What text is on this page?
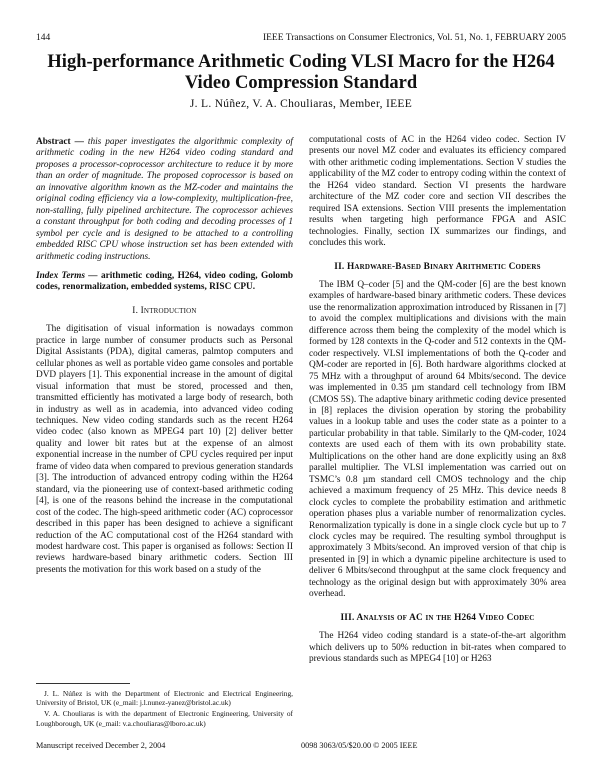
144	IEEE Transactions on Consumer Electronics, Vol. 51, No. 1, FEBRUARY 2005
High-performance Arithmetic Coding VLSI Macro for the H264 Video Compression Standard
J. L. Núñez, V. A. Chouliaras, Member, IEEE
Abstract — this paper investigates the algorithmic complexity of arithmetic coding in the new H264 video coding standard and proposes a processor-coprocessor architecture to reduce it by more than an order of magnitude. The proposed coprocessor is based on an innovative algorithm known as the MZ-coder and maintains the original coding efficiency via a low-complexity, multiplication-free, non-stalling, fully pipelined architecture. The coprocessor achieves a constant throughput for both coding and decoding processes of 1 symbol per cycle and is designed to be attached to a controlling embedded RISC CPU whose instruction set has been extended with arithmetic coding instructions.
Index Terms — arithmetic coding, H264, video coding, Golomb codes, renormalization, embedded systems, RISC CPU.
I. Introduction

The digitisation of visual information is nowadays common practice in large number of consumer products such as Personal Digital Assistants (PDA), digital cameras, palmtop computers and cellular phones as well as portable video game consoles and portable DVD players [1]. This exponential increase in the amount of digital visual information that must be stored, processed and then, transmitted efficiently has motivated a large body of research, both in industry as well as in academia, into advanced video coding techniques. New video coding standards such as the recent H264 video codec (also known as MPEG4 part 10) [2] deliver better quality and lower bit rates but at the expense of an almost exponential increase in the number of CPU cycles required per input frame of video data when compared to previous generation standards [3]. The introduction of advanced entropy coding within the H264 standard, via the pioneering use of context-based arithmetic coding [4], is one of the reasons behind the increase in the computational cost of the codec. The high-speed arithmetic coder (AC) coprocessor described in this paper has been designed to achieve a significant reduction of the AC computational cost of the H264 standard with modest hardware cost. This paper is organised as follows: Section II reviews hardware-based binary arithmetic coders. Section III presents the motivation for this work based on a study of the

computational costs of AC in the H264 video codec. Section IV presents our novel MZ coder and evaluates its efficiency compared with other arithmetic coding implementations. Section V studies the applicability of the MZ coder to entropy coding within the context of the H264 video standard. Section VI presents the hardware architecture of the MZ coder core and section VII describes the required ISA extensions. Section VIII presents the implementation results when targeting high performance FPGA and ASIC technologies. Finally, section IX summarizes our findings, and concludes this work.

II. Hardware-Based Binary Arithmetic Coders

The IBM Q–coder [5] and the QM-coder [6] are the best known examples of hardware-based binary arithmetic coders. These devices use the renormalization approximation introduced by Rissanen in [7] to avoid the complex multiplications and divisions with the main difference across them being the complexity of the model which is formed by 128 contexts in the Q-coder and 512 contexts in the QM-coder respectively. VLSI implementations of both the Q-coder and QM-coder are reported in [6]. Both hardware algorithms clocked at 75 MHz with a throughput of around 64 Mbits/second. The device was implemented in 0.35 µm standard cell technology from IBM (CMOS 5S). The adaptive binary arithmetic coding device presented in [8] replaces the division operation by storing the probability values in a lookup table and uses the coder state as a pointer to a particular probability in that table. Similarly to the QM-coder, 1024 contexts are used each of them with its own probability state. Multiplications on the other hand are done explicitly using an 8x8 parallel multiplier. The VLSI implementation was carried out on TSMC’s 0.8 µm standard cell CMOS technology and the chip achieved a maximum frequency of 25 MHz. This device needs 8 clock cycles to complete the probability estimation and arithmetic operation phases plus a variable number of renormalization cycles. Renormalization typically is done in a single clock cycle but up to 7 clock cycles may be required. The resulting symbol throughput is approximately 3 Mbits/second. An improved version of that chip is presented in [9] in which a dynamic pipeline architecture is used to deliver 6 Mbits/second throughput at the same clock frequency and technology as the original design but with approximately 30% area overhead.

III. Analysis of AC in the H264 Video Codec

The H264 video coding standard is a state-of-the-art algorithm which delivers up to 50% reduction in bit-rates when compared to previous standards such as MPEG4 [10] or H263

J. L. Núñez is with the Department of Electronic and Electrical Engineering, University of Bristol, UK (e_mail: j.l.nunez-yanez@bristol.ac.uk)

V. A. Chouliaras is with the department of Electronic Engineering, University of Loughborough, UK (e_mail: v.a.chouliaras@lboro.ac.uk)

Manuscript received December 2, 2004	0098 3063/05/$20.00 © 2005 IEEE
